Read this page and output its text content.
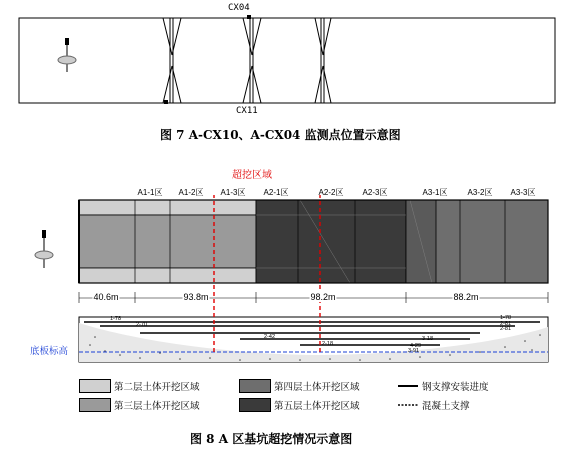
CX04
CX11
图 7 A-CX10、A-CX04 监测点位置示意图
超挖区域
A1-1区 A1-2区 A1-3区 A2-1区	A2-2区 A2-3区	A3-1区	A3-2区 A3-3区
40.6m	93.8m	98.2m	88.2m
底板标高
1-78
2-70
2-42
2-18
3-18
4-29
1-78
2-81
2-81
3-91
第二层土体开挖区域
第三层土体开挖区域
第四层土体开挖区域
第五层土体开挖区域
钢支撑安装进度
混凝土支撑
图 8 A 区基坑超挖情况示意图
